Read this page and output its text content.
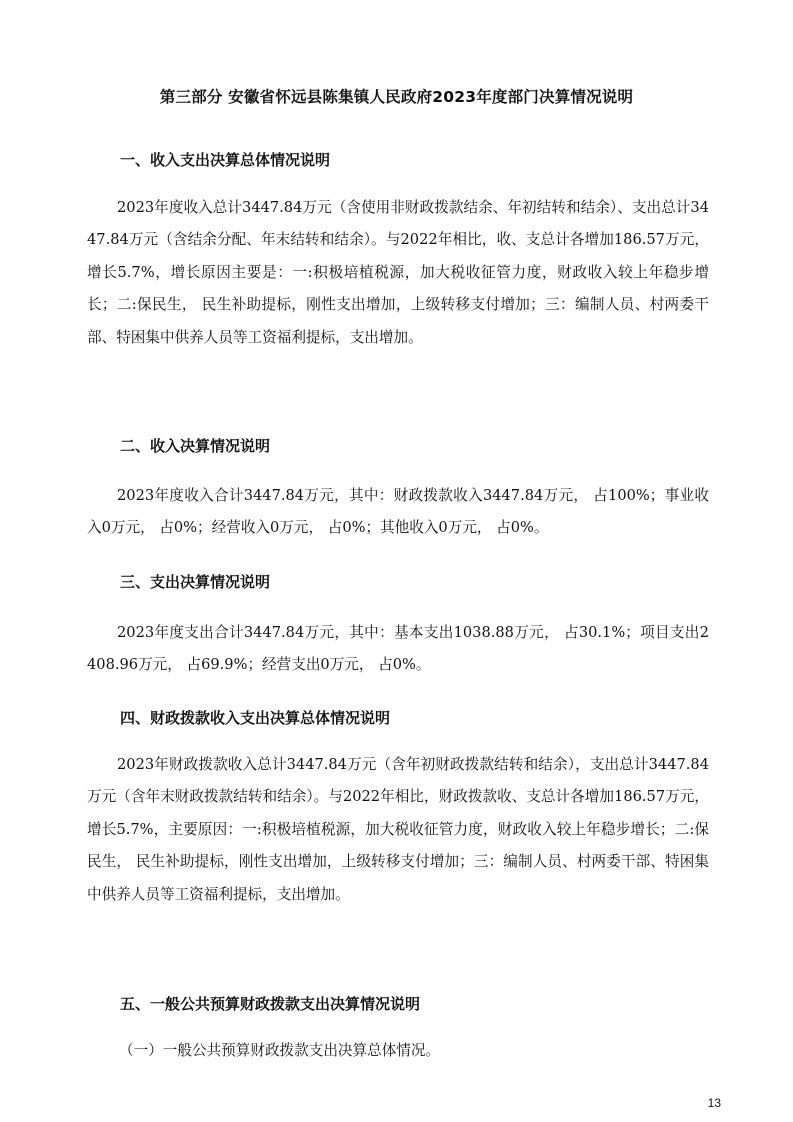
第三部分 安徽省怀远县陈集镇人民政府2023年度部门决算情况说明
一、收入支出决算总体情况说明
2023年度收入总计3447.84万元（含使用非财政拨款结余、年初结转和结余）、支出总计3447.84万元（含结余分配、年末结转和结余）。与2022年相比，收、支总计各增加186.57万元，增长5.7%，增长原因主要是：一:积极培植税源，加大税收征管力度，财政收入较上年稳步增长；二:保民生， 民生补助提标，刚性支出增加，上级转移支付增加；三：编制人员、村两委干部、特困集中供养人员等工资福利提标，支出增加。
二、收入决算情况说明
2023年度收入合计3447.84万元，其中：财政拨款收入3447.84万元， 占100%；事业收入0万元， 占0%；经营收入0万元， 占0%；其他收入0万元， 占0%。
三、支出决算情况说明
2023年度支出合计3447.84万元，其中：基本支出1038.88万元， 占30.1%；项目支出2408.96万元， 占69.9%；经营支出0万元， 占0%。
四、财政拨款收入支出决算总体情况说明
2023年财政拨款收入总计3447.84万元（含年初财政拨款结转和结余），支出总计3447.84万元（含年末财政拨款结转和结余）。与2022年相比，财政拨款收、支总计各增加186.57万元，增长5.7%，主要原因：一:积极培植税源，加大税收征管力度，财政收入较上年稳步增长；二:保民生， 民生补助提标，刚性支出增加，上级转移支付增加；三：编制人员、村两委干部、特困集中供养人员等工资福利提标，支出增加。
五、一般公共预算财政拨款支出决算情况说明
（一）一般公共预算财政拨款支出决算总体情况。
13
